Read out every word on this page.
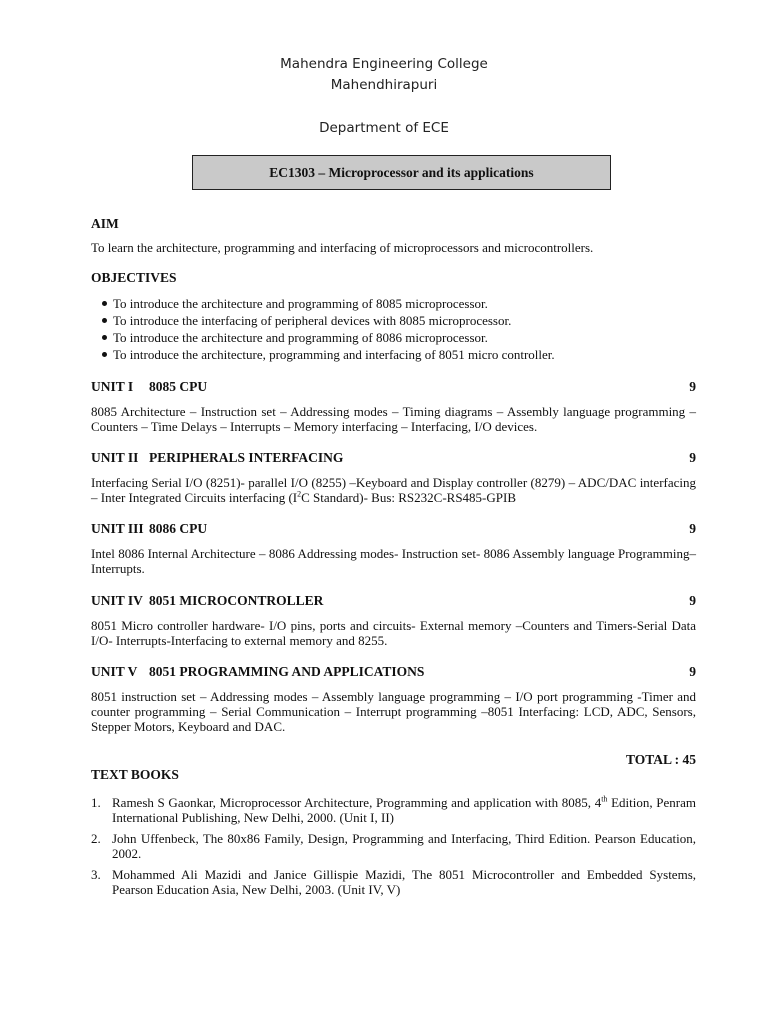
Mahendra Engineering College
Mahendhirapuri
Department of ECE
EC1303 – Microprocessor and its applications
AIM
To learn the architecture, programming and interfacing of microprocessors and microcontrollers.
OBJECTIVES
To introduce the architecture and programming of 8085 microprocessor.
To introduce the interfacing of peripheral devices with 8085 microprocessor.
To introduce the architecture and programming of 8086 microprocessor.
To introduce the architecture, programming and interfacing of 8051 micro controller.
UNIT I 8085 CPU	9
8085 Architecture – Instruction set – Addressing modes – Timing diagrams – Assembly language programming – Counters – Time Delays – Interrupts – Memory interfacing – Interfacing, I/O devices.
UNIT II PERIPHERALS INTERFACING	9
Interfacing Serial I/O (8251)- parallel I/O (8255) –Keyboard and Display controller (8279) – ADC/DAC interfacing – Inter Integrated Circuits interfacing ($I^2C$ Standard)- Bus: RS232C-RS485-GPIB
UNIT III 8086 CPU	9
Intel 8086 Internal Architecture – 8086 Addressing modes- Instruction set- 8086 Assembly language Programming–Interrupts.
UNIT IV 8051 MICROCONTROLLER	9
8051 Micro controller hardware- I/O pins, ports and circuits- External memory –Counters and Timers-Serial Data I/O- Interrupts-Interfacing to external memory and 8255.
UNIT V 8051 PROGRAMMING AND APPLICATIONS	9
8051 instruction set – Addressing modes – Assembly language programming – I/O port programming -Timer and counter programming – Serial Communication – Interrupt programming –8051 Interfacing: LCD, ADC, Sensors, Stepper Motors, Keyboard and DAC.
TOTAL : 45
TEXT BOOKS
1. Ramesh S Gaonkar, Microprocessor Architecture, Programming and application with 8085, 4th Edition, Penram International Publishing, New Delhi, 2000. (Unit I, II)
2. John Uffenbeck, The 80x86 Family, Design, Programming and Interfacing, Third Edition. Pearson Education, 2002.
3. Mohammed Ali Mazidi and Janice Gillispie Mazidi, The 8051 Microcontroller and Embedded Systems, Pearson Education Asia, New Delhi, 2003. (Unit IV, V)
